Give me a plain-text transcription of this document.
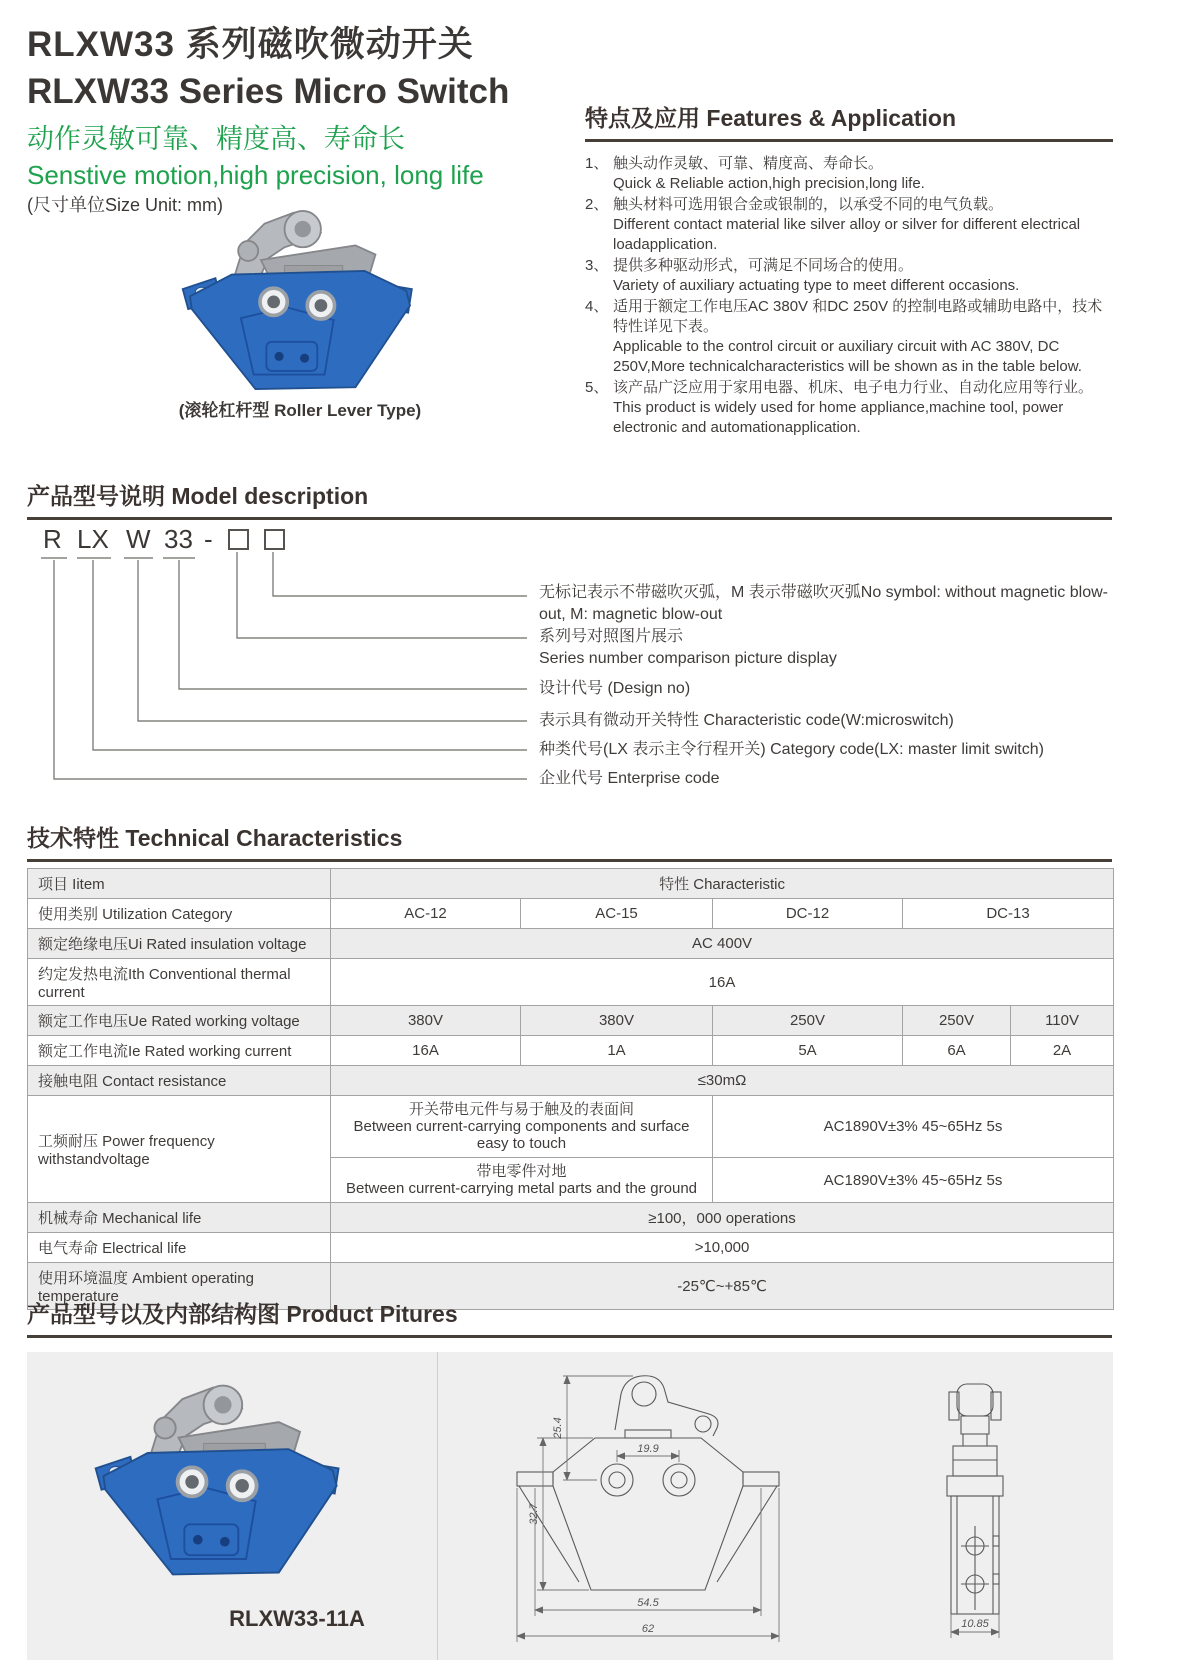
RLXW33 系列磁吹微动开关
RLXW33 Series Micro Switch
动作灵敏可靠、精度高、寿命长
Senstive motion,high precision, long life
(尺寸单位Size Unit: mm)
(滚轮杠杆型 Roller Lever Type)
特点及应用 Features & Application
1、 触头动作灵敏、可靠、精度高、寿命长。
Quick & Reliable action,high precision,long life.
2、 触头材料可选用银合金或银制的，以承受不同的电气负载。
Different contact material like silver alloy or silver for different electrical loadapplication.
3、 提供多种驱动形式，可满足不同场合的使用。
Variety of auxiliary actuating type to meet different occasions.
4、 适用于额定工作电压AC 380V 和DC 250V 的控制电路或辅助电路中，技术特性详见下表。
Applicable to the control circuit or auxiliary circuit with AC 380V, DC 250V,More technicalcharacteristics will be shown as in the table below.
5、 该产品广泛应用于家用电器、机床、电子电力行业、自动化应用等行业。
This product is widely used for home appliance,machine tool, power electronic and automationapplication.
产品型号说明 Model description
R LX W 33 -
无标记表示不带磁吹灭弧，M 表示带磁吹灭弧No symbol: without magnetic blow-out, M: magnetic blow-out
系列号对照图片展示
Series number comparison picture display
设计代号 (Design no)
表示具有微动开关特性 Characteristic code(W:microswitch)
种类代号(LX 表示主令行程开关) Category code(LX: master limit switch)
企业代号 Enterprise code
技术特性 Technical Characteristics
项目 Iitem	特性 Characteristic				
使用类别 Utilization Category	AC-12	AC-15	DC-12	DC-13	
额定绝缘电压Ui Rated insulation voltage	AC 400V				
约定发热电流Ith Conventional thermal current	16A				
额定工作电压Ue Rated working voltage	380V	380V	250V	250V	110V
额定工作电流Ie Rated working current	16A	1A	5A	6A	2A
接触电阻 Contact resistance	≤30mΩ				
工频耐压 Power frequency withstandvoltage	开关带电元件与易于触及的表面间
Between current-carrying components and surface easy to touch		AC1890V±3% 45~65Hz 5s		

	带电零件对地
Between current-carrying metal parts and the ground		AC1890V±3% 45~65Hz 5s		
机械寿命 Mechanical life	≥100，000 operations				
电气寿命 Electrical life	>10,000				
使用环境温度 Ambient operating temperature	-25℃~+85℃				
产品型号以及内部结构图 Product Pitures
RLXW33-11A
25.4
32.7
19.9
54.5
62	10.85
